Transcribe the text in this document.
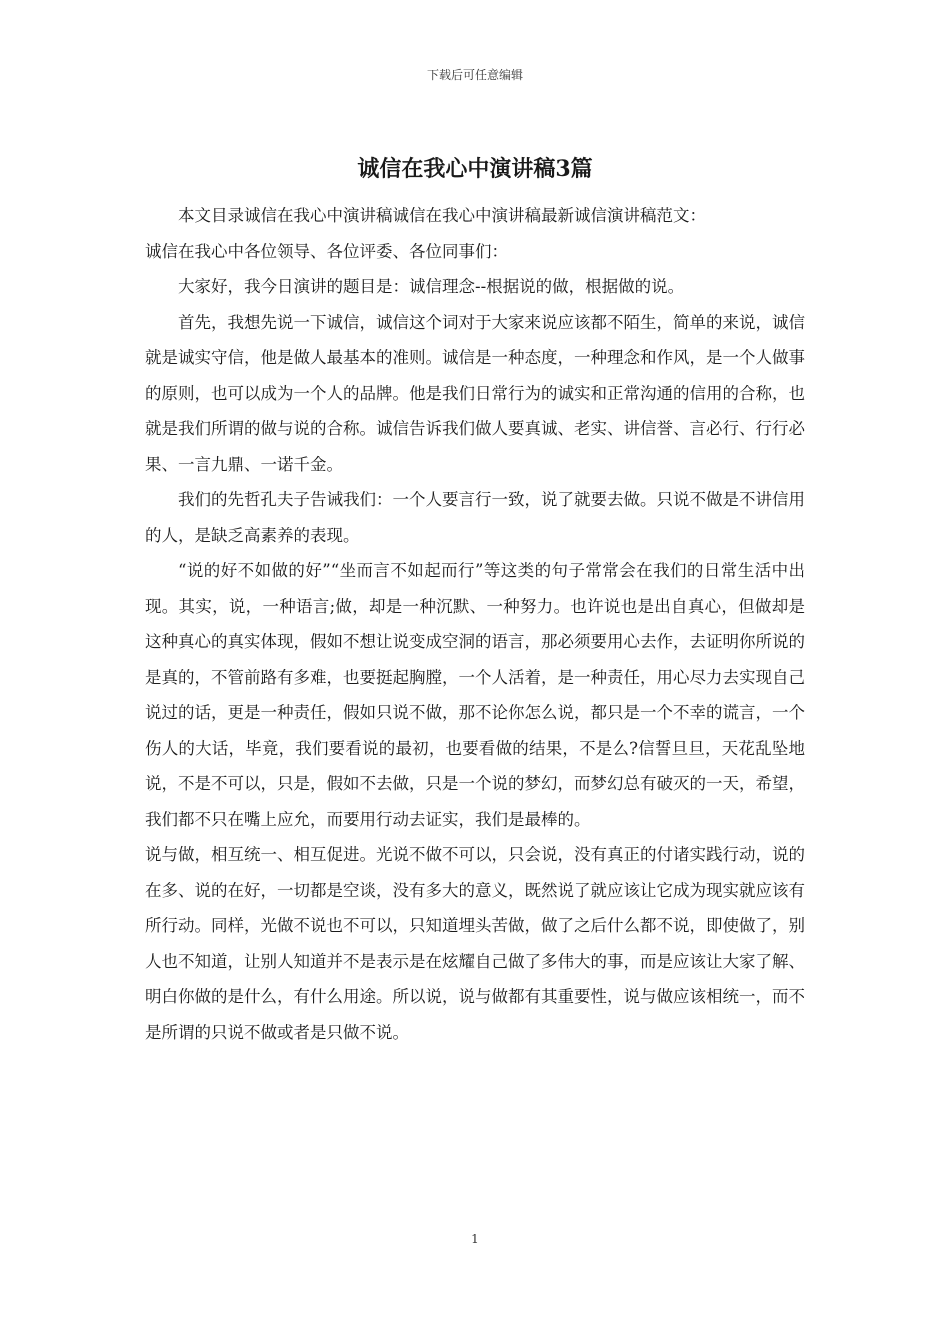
下载后可任意编辑
诚信在我心中演讲稿3篇

本文目录诚信在我心中演讲稿诚信在我心中演讲稿最新诚信演讲稿范文：

诚信在我心中各位领导、各位评委、各位同事们：

大家好，我今日演讲的题目是：诚信理念--根据说的做，根据做的说。

首先，我想先说一下诚信，诚信这个词对于大家来说应该都不陌生，简单的来说，诚信就是诚实守信，他是做人最基本的准则。诚信是一种态度，一种理念和作风，是一个人做事的原则，也可以成为一个人的品牌。他是我们日常行为的诚实和正常沟通的信用的合称，也就是我们所谓的做与说的合称。诚信告诉我们做人要真诚、老实、讲信誉、言必行、行行必果、一言九鼎、一诺千金。

我们的先哲孔夫子告诫我们：一个人要言行一致，说了就要去做。只说不做是不讲信用的人，是缺乏高素养的表现。

“说的好不如做的好”“坐而言不如起而行”等这类的句子常常会在我们的日常生活中出现。其实，说，一种语言;做，却是一种沉默、一种努力。也许说也是出自真心，但做却是这种真心的真实体现，假如不想让说变成空洞的语言，那必须要用心去作，去证明你所说的是真的，不管前路有多难，也要挺起胸膛，一个人活着，是一种责任，用心尽力去实现自己说过的话，更是一种责任，假如只说不做，那不论你怎么说，都只是一个不幸的谎言，一个伤人的大话，毕竟，我们要看说的最初，也要看做的结果，不是么?信誓旦旦，天花乱坠地说，不是不可以，只是，假如不去做，只是一个说的梦幻，而梦幻总有破灭的一天，希望，我们都不只在嘴上应允，而要用行动去证实，我们是最棒的。

说与做，相互统一、相互促进。光说不做不可以，只会说，没有真正的付诸实践行动，说的在多、说的在好，一切都是空谈，没有多大的意义，既然说了就应该让它成为现实就应该有所行动。同样，光做不说也不可以，只知道埋头苦做，做了之后什么都不说，即使做了，别人也不知道，让别人知道并不是表示是在炫耀自己做了多伟大的事，而是应该让大家了解、明白你做的是什么，有什么用途。所以说，说与做都有其重要性，说与做应该相统一，而不是所谓的只说不做或者是只做不说。

1
